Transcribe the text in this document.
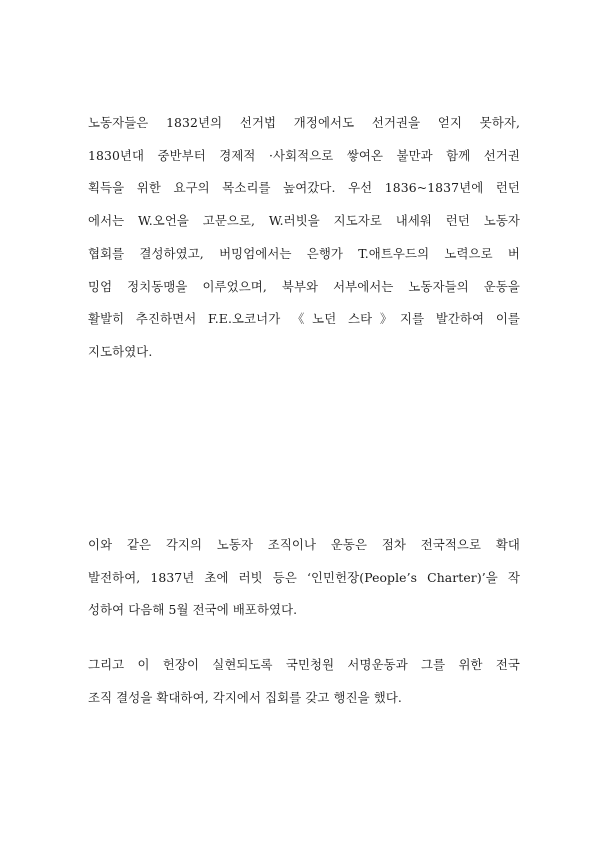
노동자들은 1832년의 선거법 개정에서도 선거권을 얻지 못하자,
1830년대 중반부터 경제적 ·사회적으로 쌓여온 불만과 함께 선거권
획득을 위한 요구의 목소리를 높여갔다. 우선 1836~1837년에 런던
에서는 W.오언을 고문으로, W.러빗을 지도자로 내세워 런던 노동자
협회를 결성하였고, 버밍엄에서는 은행가 T.애트우드의 노력으로 버
밍엄 정치동맹을 이루었으며, 북부와 서부에서는 노동자들의 운동을
활발히 추진하면서 F.E.오코너가 《노던 스타》지를 발간하여 이를
지도하였다.
이와 같은 각지의 노동자 조직이나 운동은 점차 전국적으로 확대
발전하여, 1837년 초에 러빗 등은 ‘인민헌장(People’s Charter)’을 작
성하여 다음해 5월 전국에 배포하였다.
그리고 이 헌장이 실현되도록 국민청원 서명운동과 그를 위한 전국
조직 결성을 확대하여, 각지에서 집회를 갖고 행진을 했다.
